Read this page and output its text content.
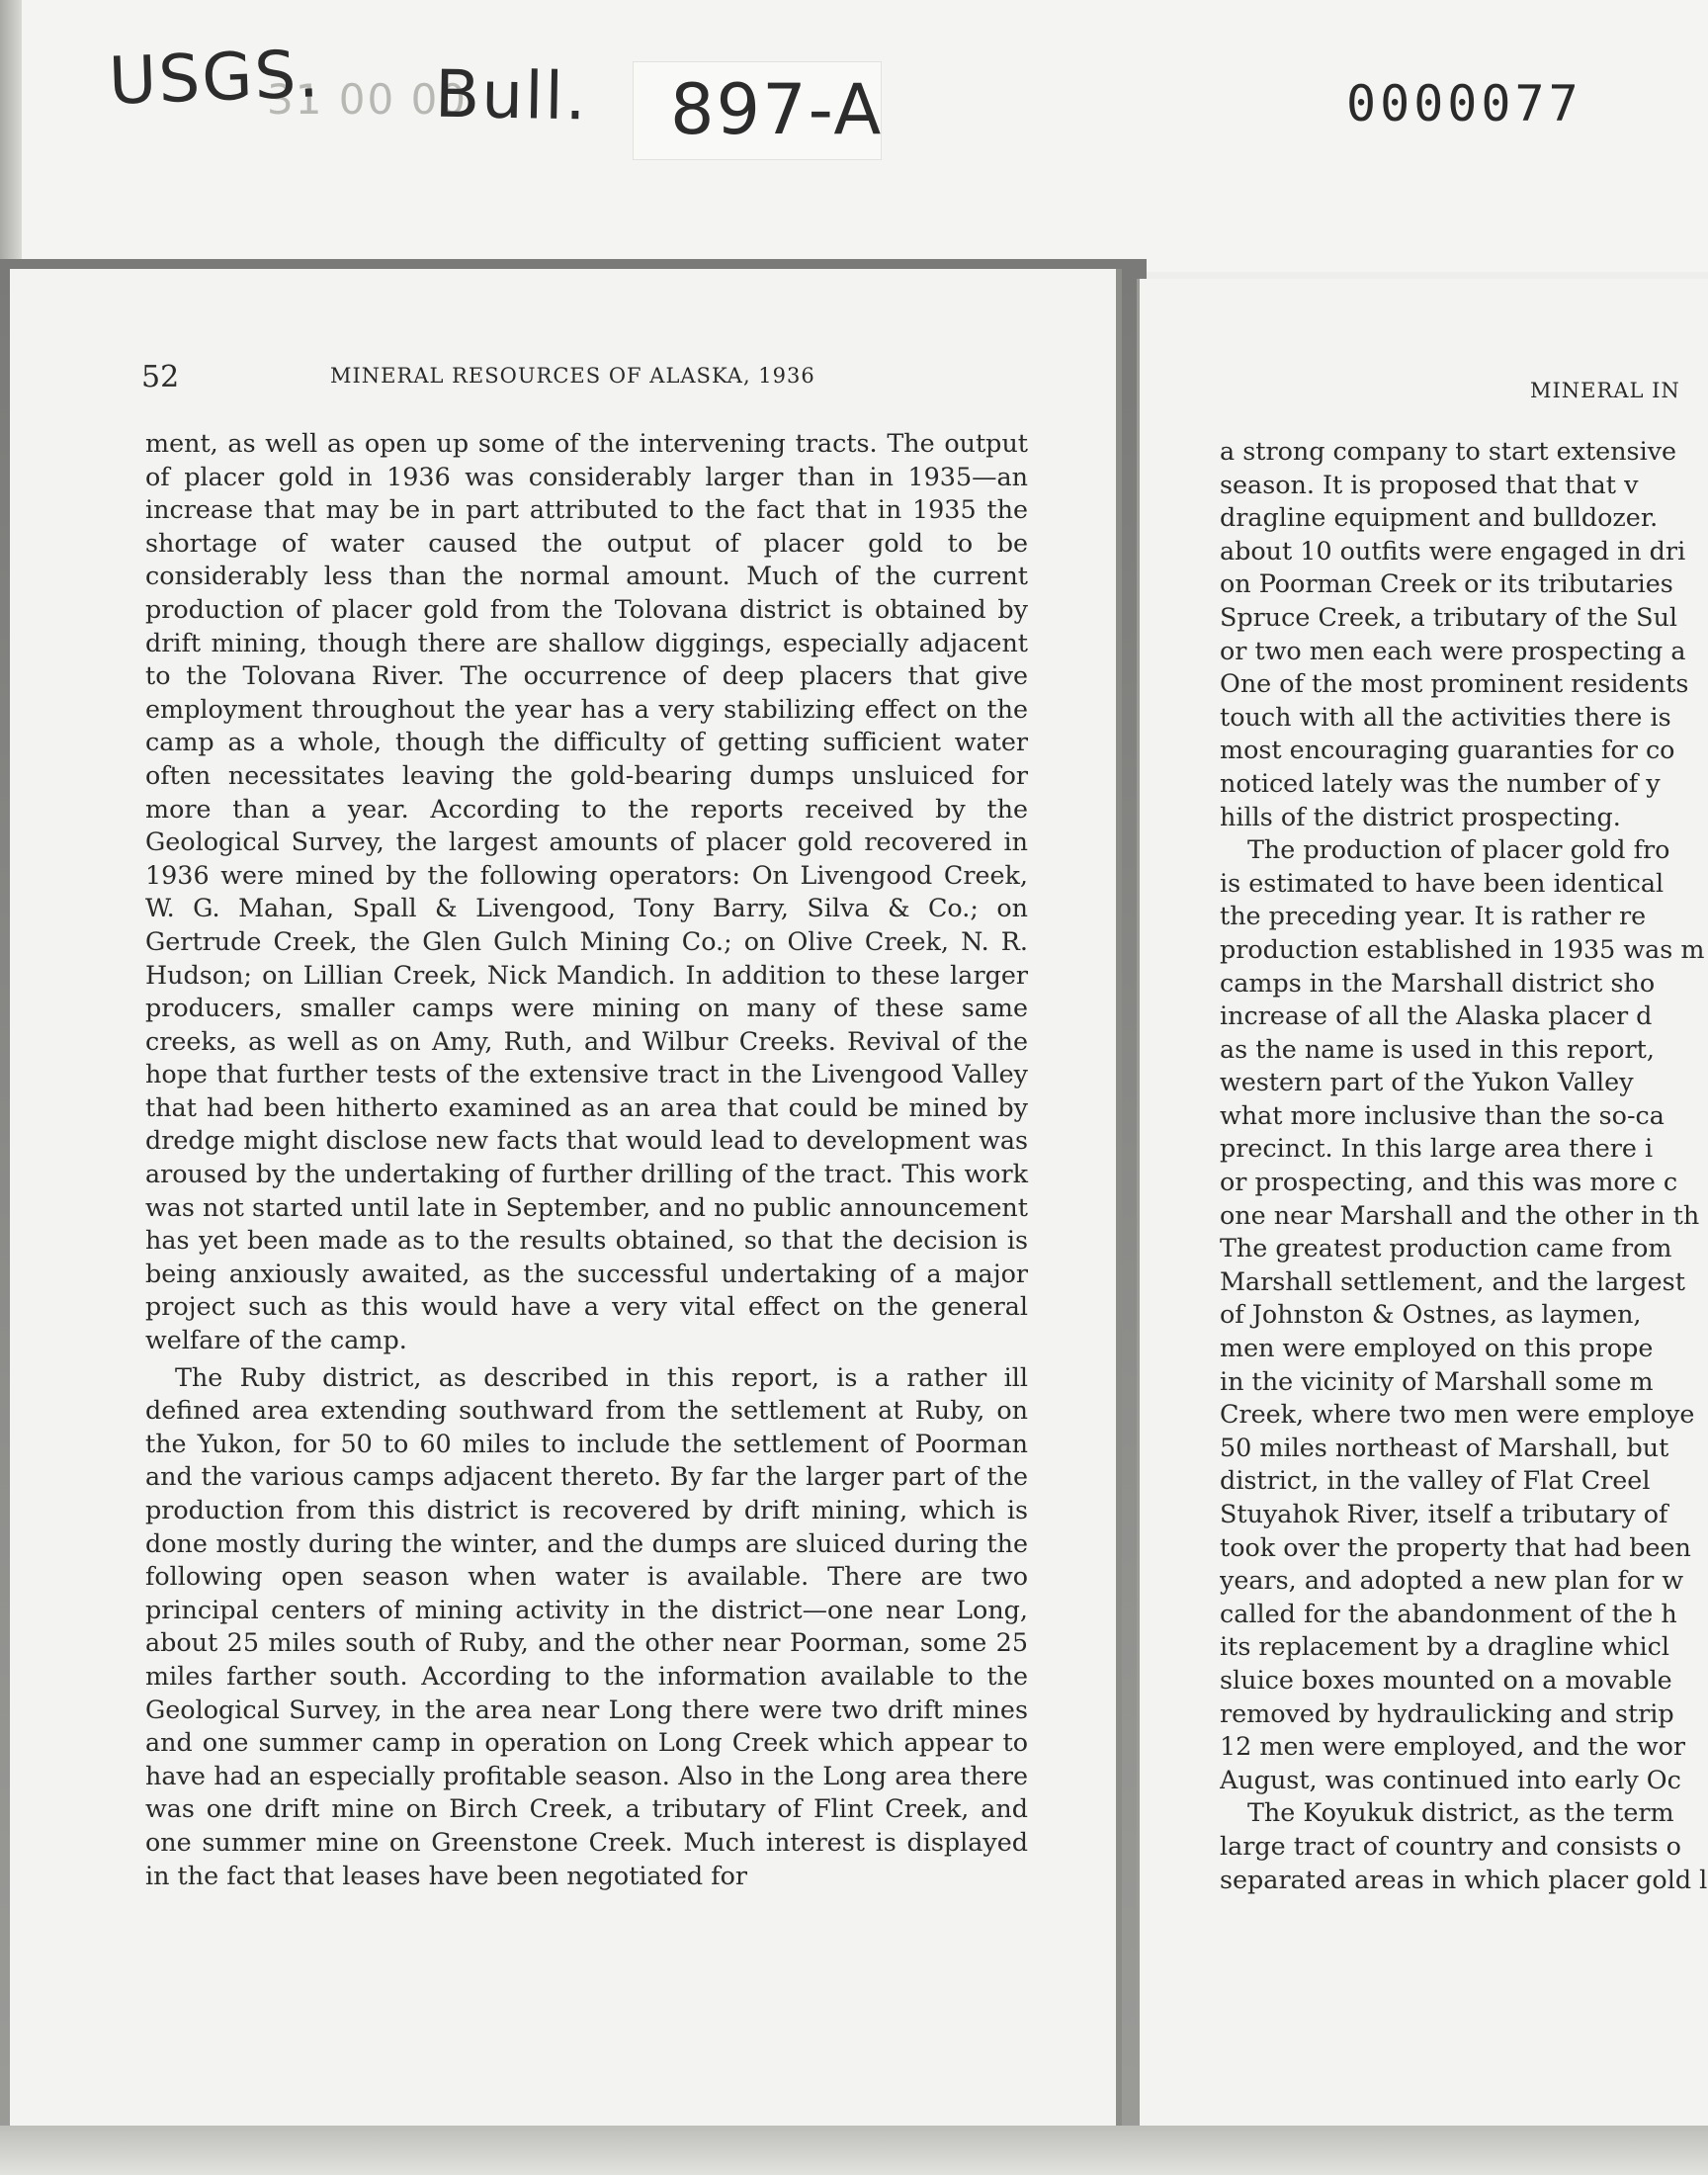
31 00 00
USGS. Bull. 897-A	0000077
52	MINERAL RESOURCES OF ALASKA, 1936
MINERAL IN

ment, as well as open up some of the intervening tracts. The output of placer gold in 1936 was considerably larger than in 1935—an increase that may be in part attributed to the fact that in 1935 the shortage of water caused the output of placer gold to be considerably less than the normal amount. Much of the current production of placer gold from the Tolovana district is obtained by drift mining, though there are shallow diggings, especially adjacent to the Tolovana River. The occurrence of deep placers that give employment throughout the year has a very stabilizing effect on the camp as a whole, though the difficulty of getting sufficient water often necessitates leaving the gold-bearing dumps unsluiced for more than a year. According to the reports received by the Geological Survey, the largest amounts of placer gold recovered in 1936 were mined by the following operators: On Livengood Creek, W. G. Mahan, Spall & Livengood, Tony Barry, Silva & Co.; on Gertrude Creek, the Glen Gulch Mining Co.; on Olive Creek, N. R. Hudson; on Lillian Creek, Nick Mandich. In addition to these larger producers, smaller camps were mining on many of these same creeks, as well as on Amy, Ruth, and Wilbur Creeks. Revival of the hope that further tests of the extensive tract in the Livengood Valley that had been hitherto examined as an area that could be mined by dredge might disclose new facts that would lead to development was aroused by the undertaking of further drilling of the tract. This work was not started until late in September, and no public announcement has yet been made as to the results obtained, so that the decision is being anxiously awaited, as the successful undertaking of a major project such as this would have a very vital effect on the general welfare of the camp.

The Ruby district, as described in this report, is a rather ill defined area extending southward from the settlement at Ruby, on the Yukon, for 50 to 60 miles to include the settlement of Poorman and the various camps adjacent thereto. By far the larger part of the production from this district is recovered by drift mining, which is done mostly during the winter, and the dumps are sluiced during the following open season when water is available. There are two principal centers of mining activity in the district—one near Long, about 25 miles south of Ruby, and the other near Poorman, some 25 miles farther south. According to the information available to the Geological Survey, in the area near Long there were two drift mines and one summer camp in operation on Long Creek which appear to have had an especially profitable season. Also in the Long area there was one drift mine on Birch Creek, a tributary of Flint Creek, and one summer mine on Greenstone Creek. Much interest is displayed in the fact that leases have been negotiated for

a strong company to start extensive
season. It is proposed that that v
dragline equipment and bulldozer.
about 10 outfits were engaged in dri
on Poorman Creek or its tributaries
Spruce Creek, a tributary of the Sul
or two men each were prospecting a
One of the most prominent residents
touch with all the activities there is
most encouraging guaranties for co
noticed lately was the number of y
hills of the district prospecting.
The production of placer gold fro
is estimated to have been identical
the preceding year. It is rather re
production established in 1935 was m
camps in the Marshall district sho
increase of all the Alaska placer d
as the name is used in this report,
western part of the Yukon Valley
what more inclusive than the so-ca
precinct. In this large area there i
or prospecting, and this was more c
one near Marshall and the other in th
The greatest production came from
Marshall settlement, and the largest
of Johnston & Ostnes, as laymen,
men were employed on this prope
in the vicinity of Marshall some m
Creek, where two men were employe
50 miles northeast of Marshall, but
district, in the valley of Flat Creel
Stuyahok River, itself a tributary of
took over the property that had been
years, and adopted a new plan for w
called for the abandonment of the h
its replacement by a dragline whicl
sluice boxes mounted on a movable
removed by hydraulicking and strip
12 men were employed, and the wor
August, was continued into early Oc
The Koyukuk district, as the term
large tract of country and consists o
separated areas in which placer gold l
